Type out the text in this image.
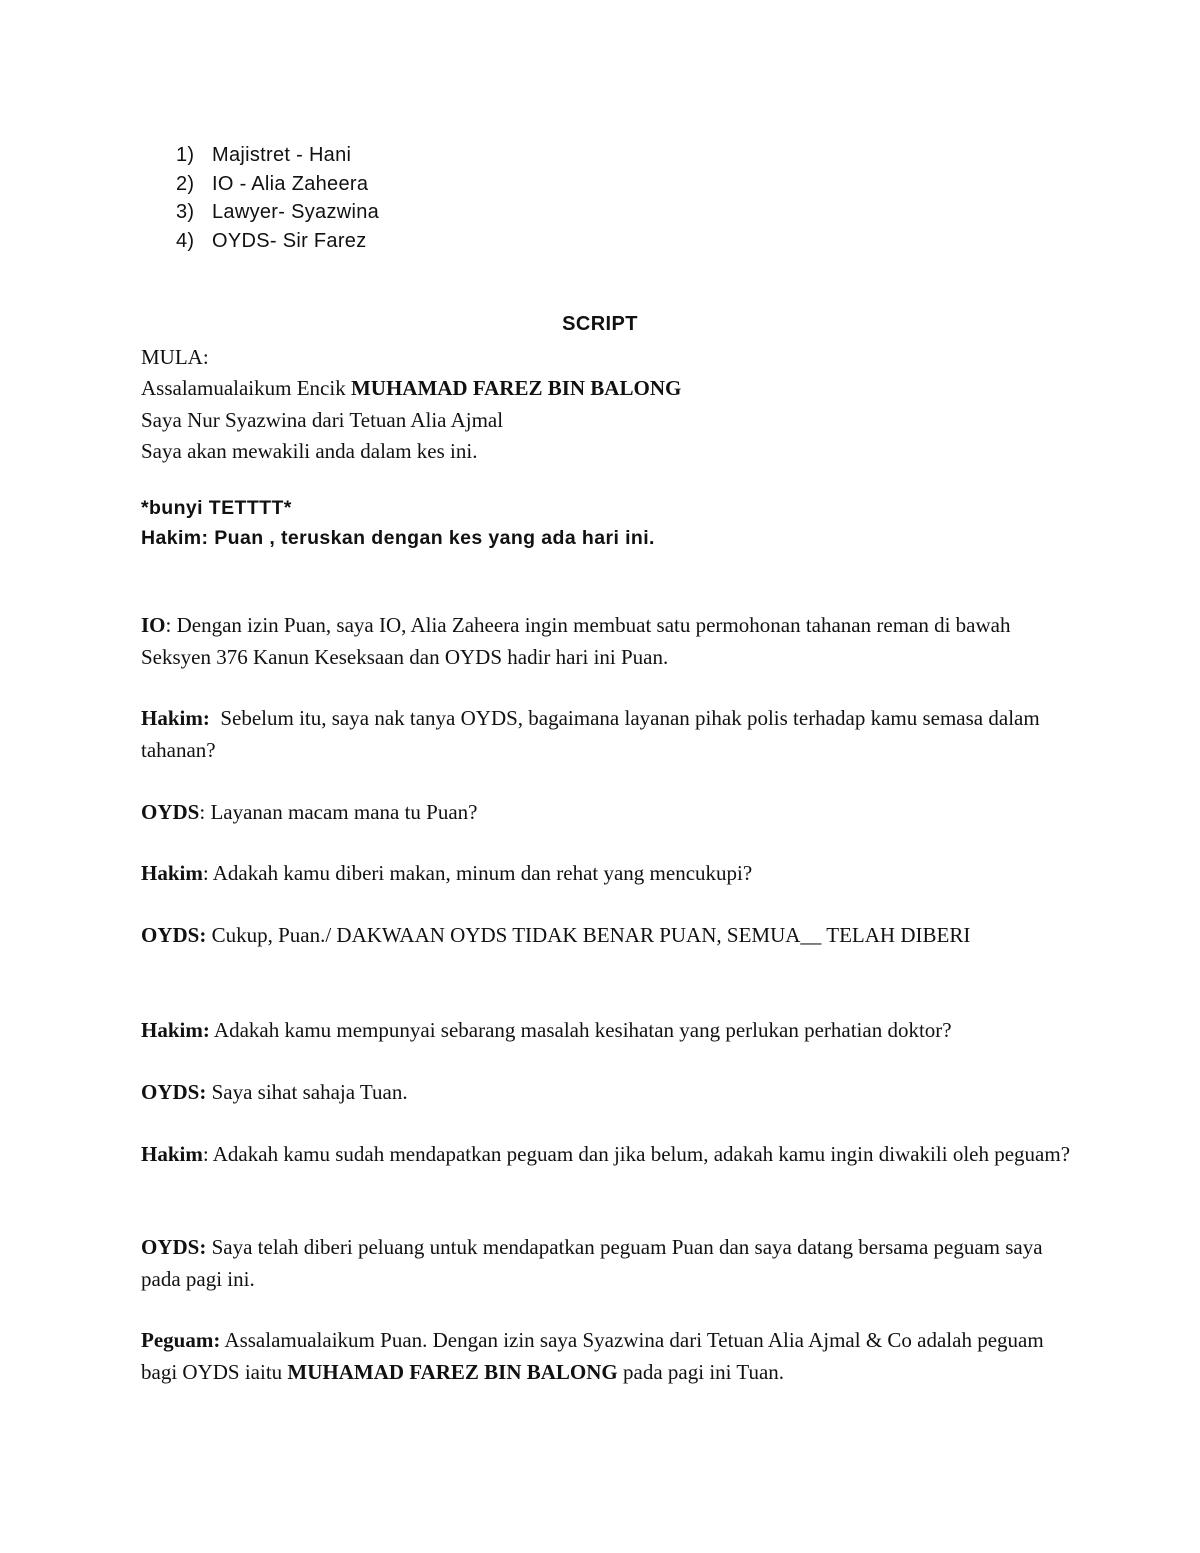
1) Majistret - Hani
2) IO - Alia Zaheera
3) Lawyer- Syazwina
4) OYDS- Sir Farez
SCRIPT
MULA:
Assalamualaikum Encik MUHAMAD FAREZ BIN BALONG
Saya Nur Syazwina dari Tetuan Alia Ajmal
Saya akan mewakili anda dalam kes ini.
*bunyi TETTTT*
Hakim: Puan , teruskan dengan kes yang ada hari ini.
IO: Dengan izin Puan, saya IO, Alia Zaheera ingin membuat satu permohonan tahanan reman di bawah Seksyen 376 Kanun Keseksaan dan OYDS hadir hari ini Puan.
Hakim:  Sebelum itu, saya nak tanya OYDS, bagaimana layanan pihak polis terhadap kamu semasa dalam tahanan?
OYDS: Layanan macam mana tu Puan?
Hakim: Adakah kamu diberi makan, minum dan rehat yang mencukupi?
OYDS: Cukup, Puan./ DAKWAAN OYDS TIDAK BENAR PUAN, SEMUA__ TELAH DIBERI
Hakim: Adakah kamu mempunyai sebarang masalah kesihatan yang perlukan perhatian doktor?
OYDS: Saya sihat sahaja Tuan.
Hakim: Adakah kamu sudah mendapatkan peguam dan jika belum, adakah kamu ingin diwakili oleh peguam?
OYDS: Saya telah diberi peluang untuk mendapatkan peguam Puan dan saya datang bersama peguam saya pada pagi ini.
Peguam: Assalamualaikum Puan. Dengan izin saya Syazwina dari Tetuan Alia Ajmal & Co adalah peguam bagi OYDS iaitu MUHAMAD FAREZ BIN BALONG pada pagi ini Tuan.
